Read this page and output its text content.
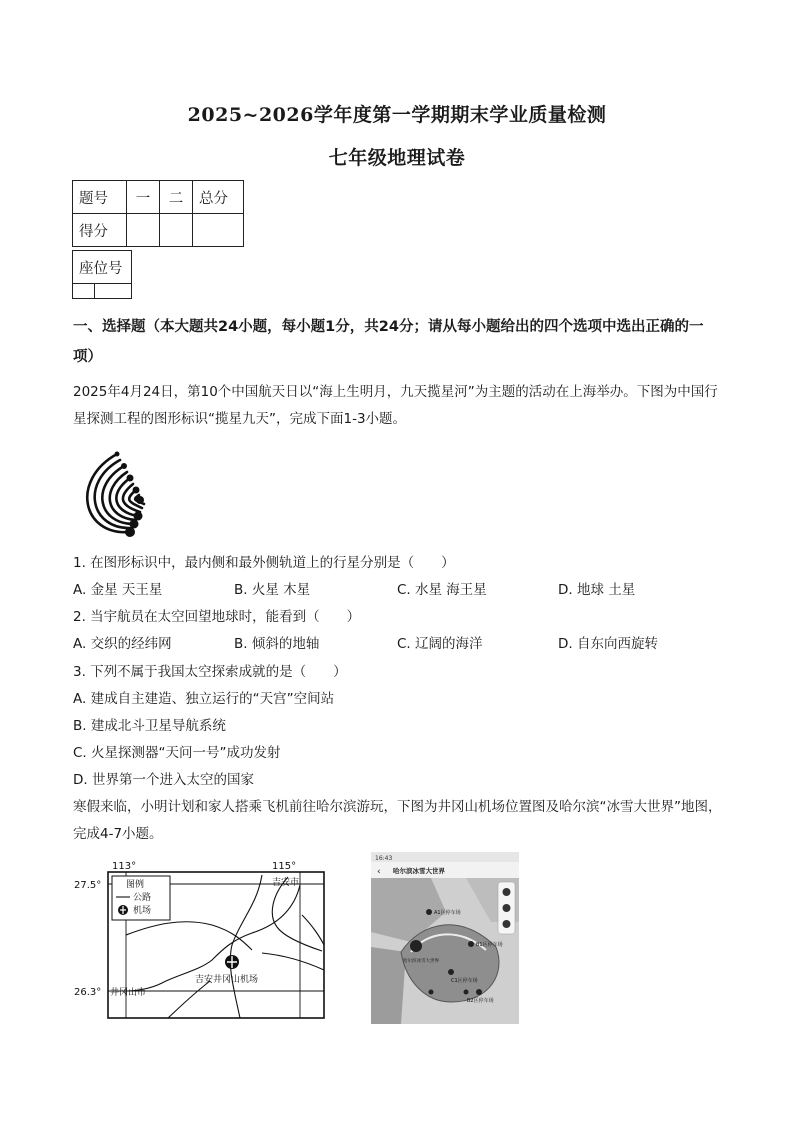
2025~2026学年度第一学期期末学业质量检测
七年级地理试卷
题号	一	二	总分
得分			
座位号

一、选择题（本大题共24小题，每小题1分，共24分；请从每小题给出的四个选项中选出正确的一项）
2025年4月24日，第10个中国航天日以“海上生明月，九天揽星河”为主题的活动在上海举办。下图为中国行星探测工程的图形标识“揽星九天”，完成下面1-3小题。
1. 在图形标识中，最内侧和最外侧轨道上的行星分别是（　　）
A. 金星 天王星	B. 火星 木星	C. 水星 海王星	D. 地球 土星
2. 当宇航员在太空回望地球时，能看到（　　）
A. 交织的经纬网	B. 倾斜的地轴	C. 辽阔的海洋	D. 自东向西旋转
3. 下列不属于我国太空探索成就的是（　　）
A. 建成自主建造、独立运行的“天宫”空间站
B. 建成北斗卫星导航系统
C. 火星探测器“天问一号”成功发射
D. 世界第一个进入太空的国家
寒假来临，小明计划和家人搭乘飞机前往哈尔滨游玩，下图为井冈山机场位置图及哈尔滨“冰雪大世界”地图，完成4-7小题。
113°	115°
27.5°
26.3°
图例
公路
机场
吉安市
吉安井冈山机场
井冈山市
16:43
‹ 哈尔滨冰雪大世界
A1区停车场
B1区停车场
哈尔滨冰雪大世界
C1区停车场
B2区停车场
